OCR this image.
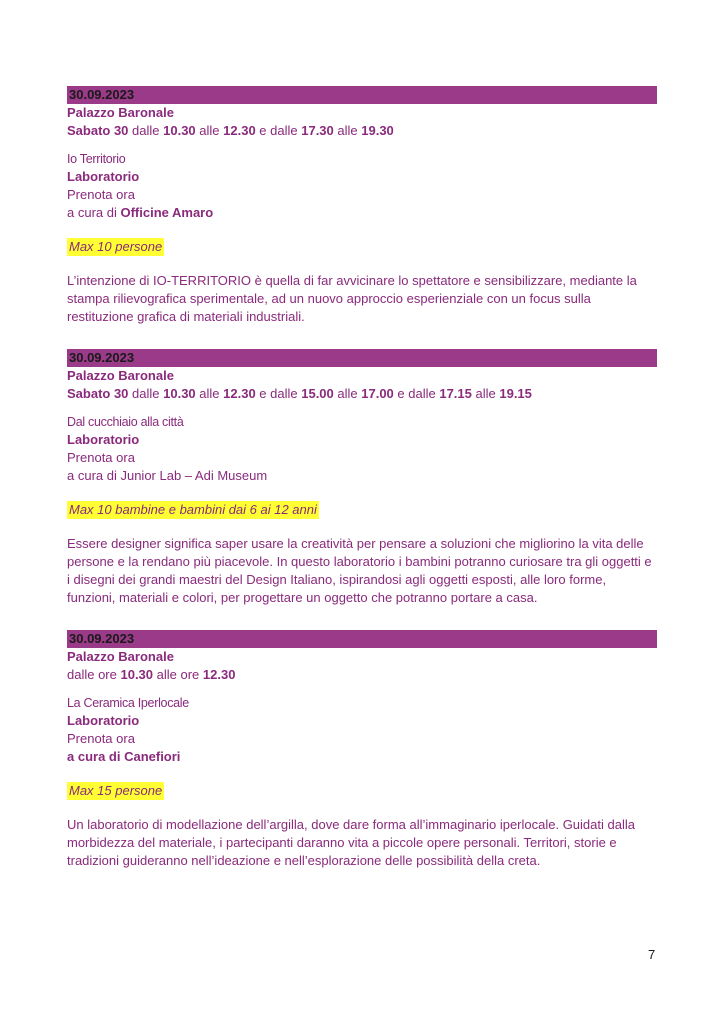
30.09.2023
Palazzo Baronale
Sabato 30 dalle 10.30 alle 12.30 e dalle 17.30 alle 19.30
Io Territorio
Laboratorio
Prenota ora
a cura di Officine Amaro
Max 10 persone
L’intenzione di IO-TERRITORIO è quella di far avvicinare lo spettatore e sensibilizzare, mediante la stampa rilievografica sperimentale, ad un nuovo approccio esperienziale con un focus sulla restituzione grafica di materiali industriali.
30.09.2023
Palazzo Baronale
Sabato 30 dalle 10.30 alle 12.30 e dalle 15.00 alle 17.00 e dalle 17.15 alle 19.15
Dal cucchiaio alla città
Laboratorio
Prenota ora
a cura di Junior Lab – Adi Museum
Max 10 bambine e bambini dai 6 ai 12 anni
Essere designer significa saper usare la creatività per pensare a soluzioni che migliorino la vita delle persone e la rendano più piacevole. In questo laboratorio i bambini potranno curiosare tra gli oggetti e i disegni dei grandi maestri del Design Italiano, ispirandosi agli oggetti esposti, alle loro forme, funzioni, materiali e colori, per progettare un oggetto che potranno portare a casa.
30.09.2023
Palazzo Baronale
dalle ore 10.30 alle ore 12.30
La Ceramica Iperlocale
Laboratorio
Prenota ora
a cura di Canefiori
Max 15 persone
Un laboratorio di modellazione dell’argilla, dove dare forma all’immaginario iperlocale. Guidati dalla morbidezza del materiale, i partecipanti daranno vita a piccole opere personali. Territori, storie e tradizioni guideranno nell’ideazione e nell’esplorazione delle possibilità della creta.
7
